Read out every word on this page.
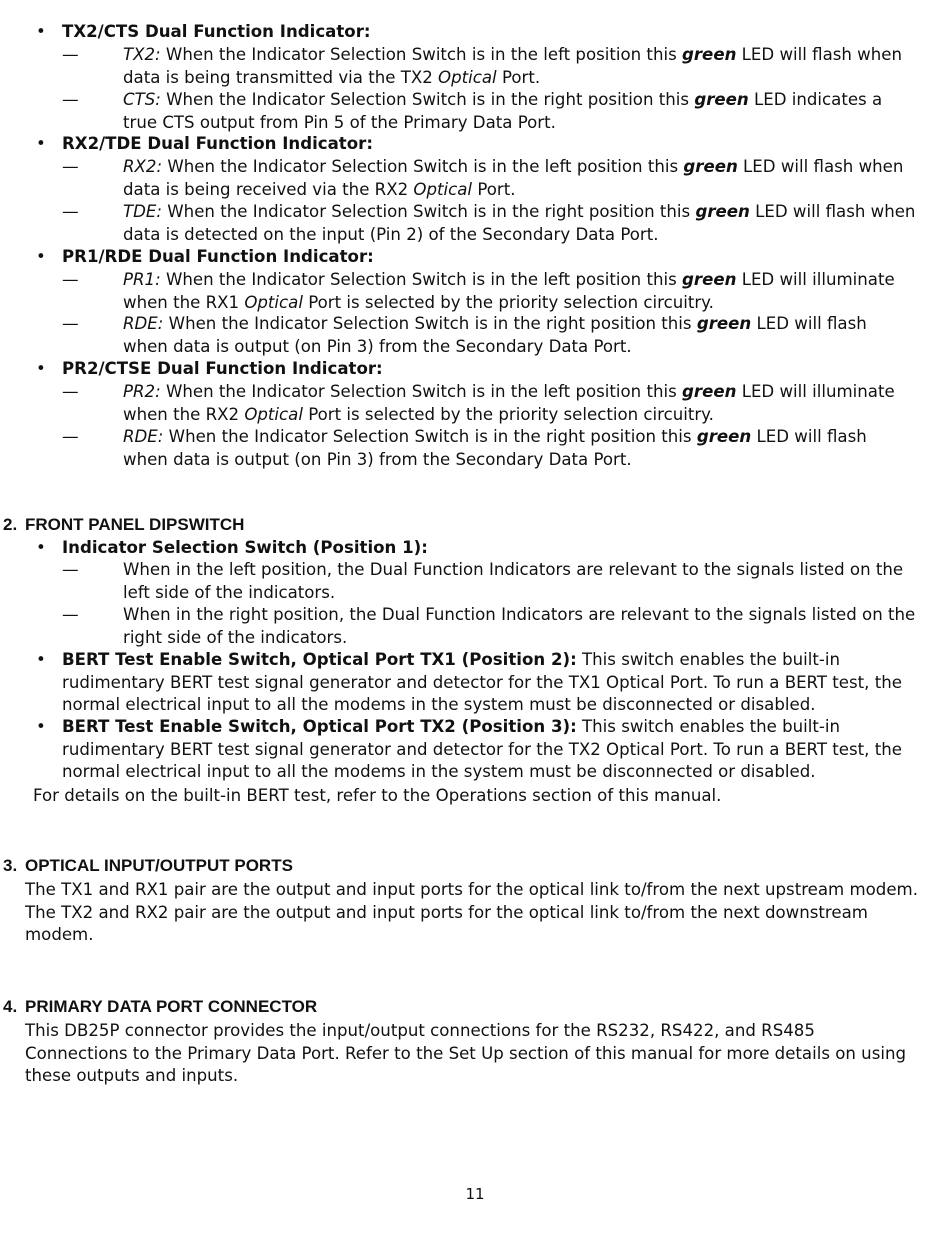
• TX2/CTS Dual Function Indicator:
—	TX2: When the Indicator Selection Switch is in the left position this green LED will flash when data is being transmitted via the TX2 Optical Port.
—	CTS: When the Indicator Selection Switch is in the right position this green LED indicates a true CTS output from Pin 5 of the Primary Data Port.
• RX2/TDE Dual Function Indicator:
—	RX2: When the Indicator Selection Switch is in the left position this green LED will flash when data is being received via the RX2 Optical Port.
—	TDE: When the Indicator Selection Switch is in the right position this green LED will flash when data is detected on the input (Pin 2) of the Secondary Data Port.
• PR1/RDE Dual Function Indicator:
—	PR1: When the Indicator Selection Switch is in the left position this green LED will illuminate when the RX1 Optical Port is selected by the priority selection circuitry.
—	RDE: When the Indicator Selection Switch is in the right position this green LED will flash when data is output (on Pin 3) from the Secondary Data Port.
• PR2/CTSE Dual Function Indicator:
—	PR2: When the Indicator Selection Switch is in the left position this green LED will illuminate when the RX2 Optical Port is selected by the priority selection circuitry.
—	RDE: When the Indicator Selection Switch is in the right position this green LED will flash when data is output (on Pin 3) from the Secondary Data Port.
2. FRONT PANEL DIPSWITCH
• Indicator Selection Switch (Position 1):
—	When in the left position, the Dual Function Indicators are relevant to the signals listed on the left side of the indicators.
—	When in the right position, the Dual Function Indicators are relevant to the signals listed on the right side of the indicators.
• BERT Test Enable Switch, Optical Port TX1 (Position 2): This switch enables the built-in rudimentary BERT test signal generator and detector for the TX1 Optical Port. To run a BERT test, the normal electrical input to all the modems in the system must be disconnected or disabled.
• BERT Test Enable Switch, Optical Port TX2 (Position 3): This switch enables the built-in rudimentary BERT test signal generator and detector for the TX2 Optical Port. To run a BERT test, the normal electrical input to all the modems in the system must be disconnected or disabled.
For details on the built-in BERT test, refer to the Operations section of this manual.
3. OPTICAL INPUT/OUTPUT PORTS
The TX1 and RX1 pair are the output and input ports for the optical link to/from the next upstream modem. The TX2 and RX2 pair are the output and input ports for the optical link to/from the next downstream modem.
4. PRIMARY DATA PORT CONNECTOR
This DB25P connector provides the input/output connections for the RS232, RS422, and RS485 Connections to the Primary Data Port. Refer to the Set Up section of this manual for more details on using these outputs and inputs.
11
